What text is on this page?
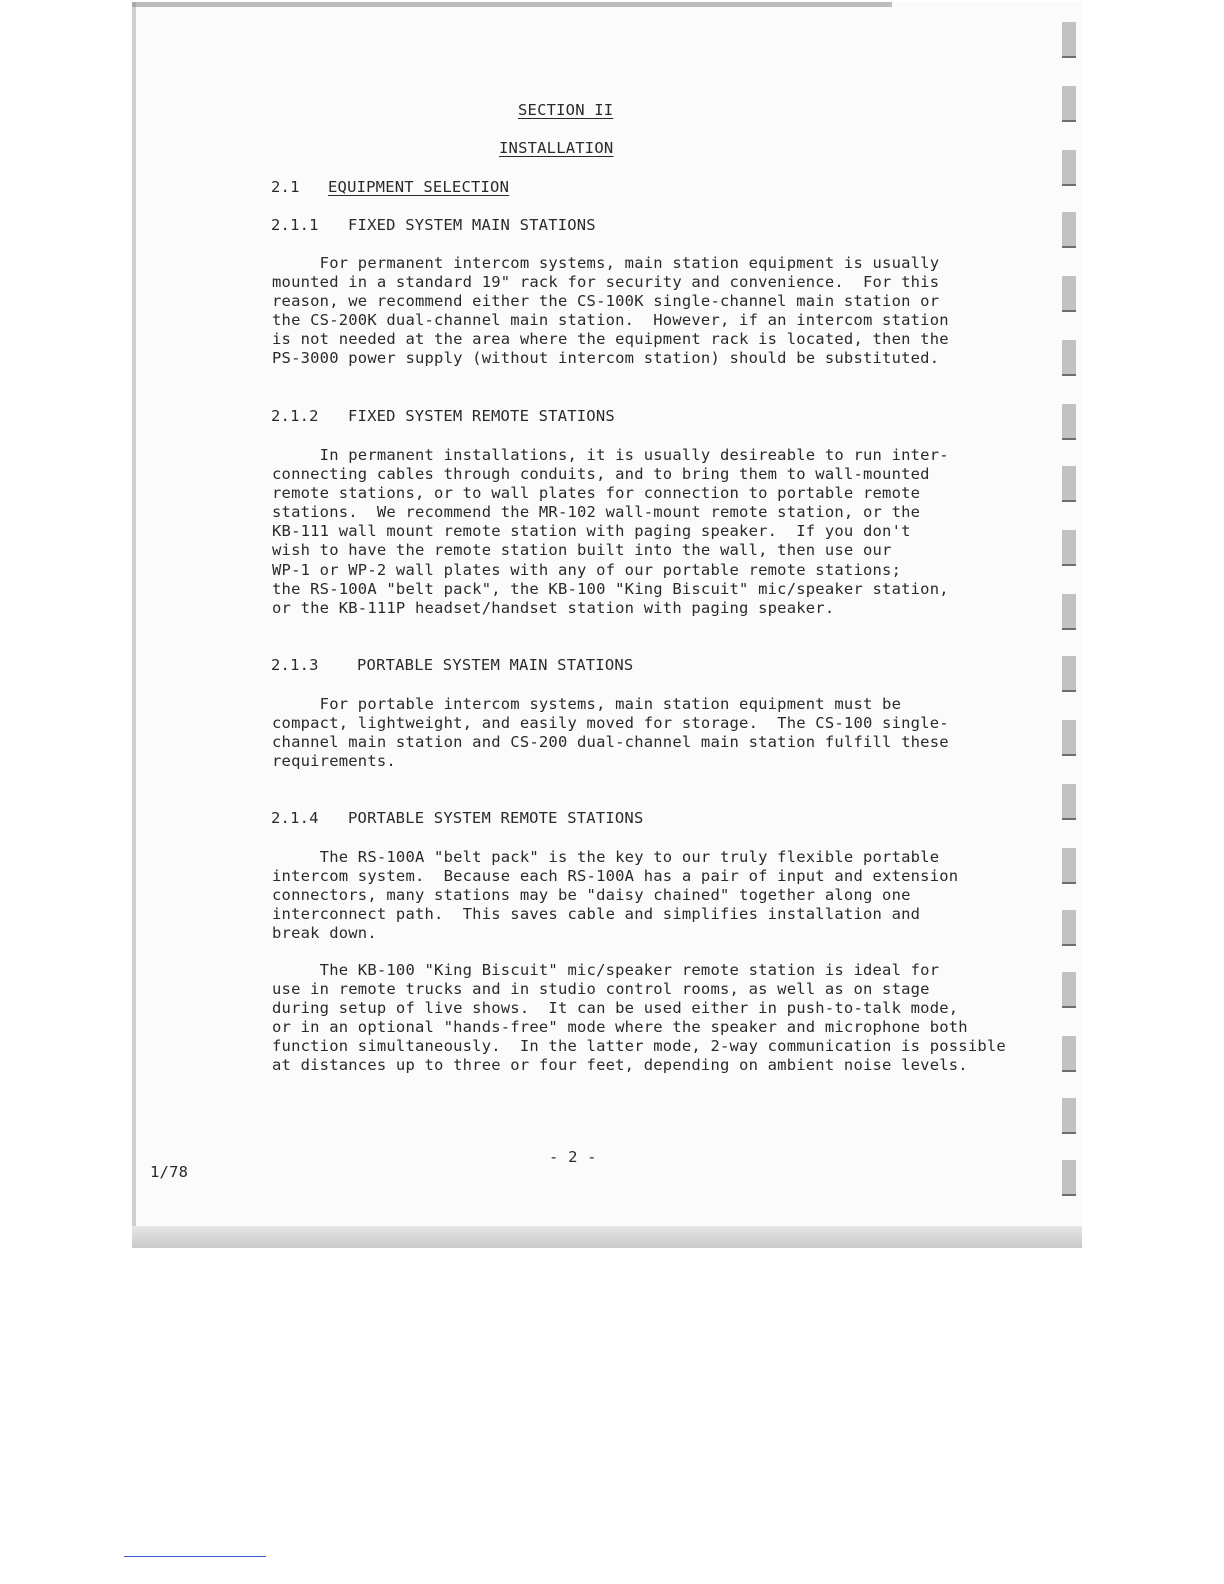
SECTION II
INSTALLATION
2.1 EQUIPMENT SELECTION
2.1.1 FIXED SYSTEM MAIN STATIONS
For permanent intercom systems, main station equipment is usually
mounted in a standard 19" rack for security and convenience.  For this
reason, we recommend either the CS-100K single-channel main station or
the CS-200K dual-channel main station.  However, if an intercom station
is not needed at the area where the equipment rack is located, then the
PS-3000 power supply (without intercom station) should be substituted.
2.1.2 FIXED SYSTEM REMOTE STATIONS
In permanent installations, it is usually desireable to run inter-
connecting cables through conduits, and to bring them to wall-mounted
remote stations, or to wall plates for connection to portable remote
stations.  We recommend the MR-102 wall-mount remote station, or the
KB-111 wall mount remote station with paging speaker.  If you don't
wish to have the remote station built into the wall, then use our
WP-1 or WP-2 wall plates with any of our portable remote stations;
the RS-100A "belt pack", the KB-100 "King Biscuit" mic/speaker station,
or the KB-111P headset/handset station with paging speaker.
2.1.3 PORTABLE SYSTEM MAIN STATIONS
For portable intercom systems, main station equipment must be
compact, lightweight, and easily moved for storage.  The CS-100 single-
channel main station and CS-200 dual-channel main station fulfill these
requirements.
2.1.4 PORTABLE SYSTEM REMOTE STATIONS
The RS-100A "belt pack" is the key to our truly flexible portable
intercom system.  Because each RS-100A has a pair of input and extension
connectors, many stations may be "daisy chained" together along one
interconnect path.  This saves cable and simplifies installation and
break down.
The KB-100 "King Biscuit" mic/speaker remote station is ideal for
use in remote trucks and in studio control rooms, as well as on stage
during setup of live shows.  It can be used either in push-to-talk mode,
or in an optional "hands-free" mode where the speaker and microphone both
function simultaneously.  In the latter mode, 2-way communication is possible
at distances up to three or four feet, depending on ambient noise levels.
- 2 -
1/78
